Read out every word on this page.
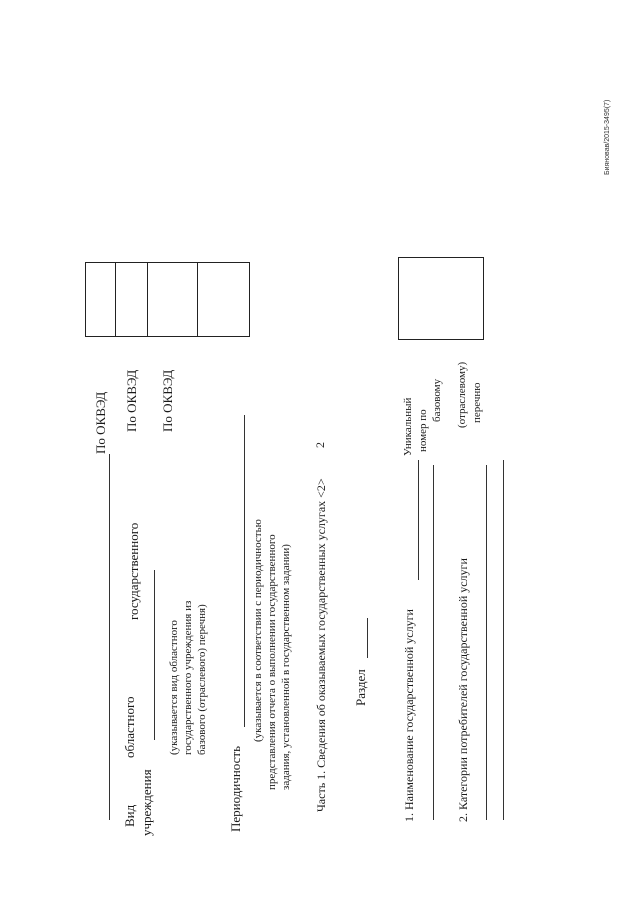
2
Бияновав/2015-3495(7)
По ОКВЭД По ОКВЭД По ОКВЭД
Вид
областного
государственного
учреждения
(указывается вид областного государственного учреждения из базового (отраслевого) перечня)
Периодичность
(указывается в соответствии с периодичностью представления отчета о выполнении государственного задания, установленной в государственном задании) Часть 1. Сведения об оказываемых государственных услугах <2> Раздел	1. Наименование государственной услуги	2. Категории потребителей государственной услуги
Уникальный номер по
базовому (отраслевому) перечню
